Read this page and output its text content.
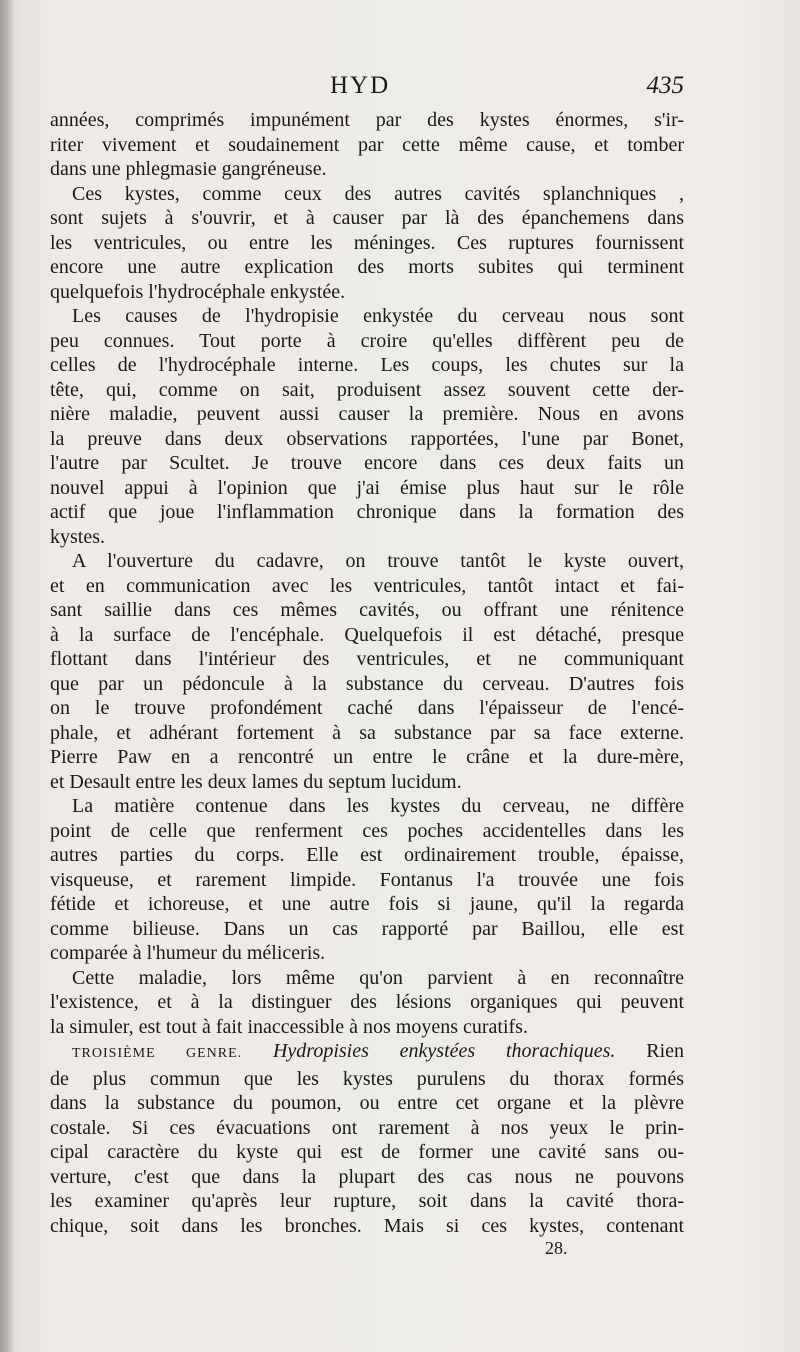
HYD	435

années, comprimés impunément par des kystes énormes, s'ir-
riter vivement et soudainement par cette même cause, et tomber
dans une phlegmasie gangréneuse.

Ces kystes, comme ceux des autres cavités splanchniques ,
sont sujets à s'ouvrir, et à causer par là des épanchemens dans
les ventricules, ou entre les méninges. Ces ruptures fournissent
encore une autre explication des morts subites qui terminent
quelquefois l'hydrocéphale enkystée.

Les causes de l'hydropisie enkystée du cerveau nous sont
peu connues. Tout porte à croire qu'elles diffèrent peu de
celles de l'hydrocéphale interne. Les coups, les chutes sur la
tête, qui, comme on sait, produisent assez souvent cette der-
nière maladie, peuvent aussi causer la première. Nous en avons
la preuve dans deux observations rapportées, l'une par Bonet,
l'autre par Scultet. Je trouve encore dans ces deux faits un
nouvel appui à l'opinion que j'ai émise plus haut sur le rôle
actif que joue l'inflammation chronique dans la formation des
kystes.

A l'ouverture du cadavre, on trouve tantôt le kyste ouvert,
et en communication avec les ventricules, tantôt intact et fai-
sant saillie dans ces mêmes cavités, ou offrant une rénitence
à la surface de l'encéphale. Quelquefois il est détaché, presque
flottant dans l'intérieur des ventricules, et ne communiquant
que par un pédoncule à la substance du cerveau. D'autres fois
on le trouve profondément caché dans l'épaisseur de l'encé-
phale, et adhérant fortement à sa substance par sa face externe.
Pierre Paw en a rencontré un entre le crâne et la dure-mère,
et Desault entre les deux lames du septum lucidum.

La matière contenue dans les kystes du cerveau, ne diffère
point de celle que renferment ces poches accidentelles dans les
autres parties du corps. Elle est ordinairement trouble, épaisse,
visqueuse, et rarement limpide. Fontanus l'a trouvée une fois
fétide et ichoreuse, et une autre fois si jaune, qu'il la regarda
comme bilieuse. Dans un cas rapporté par Baillou, elle est
comparée à l'humeur du méliceris.

Cette maladie, lors même qu'on parvient à en reconnaître
l'existence, et à la distinguer des lésions organiques qui peuvent
la simuler, est tout à fait inaccessible à nos moyens curatifs.

TROISIÈME GENRE. Hydropisies enkystées thorachiques. Rien
de plus commun que les kystes purulens du thorax formés
dans la substance du poumon, ou entre cet organe et la plèvre
costale. Si ces évacuations ont rarement à nos yeux le prin-
cipal caractère du kyste qui est de former une cavité sans ou-
verture, c'est que dans la plupart des cas nous ne pouvons
les examiner qu'après leur rupture, soit dans la cavité thora-
chique, soit dans les bronches. Mais si ces kystes, contenant

28.
